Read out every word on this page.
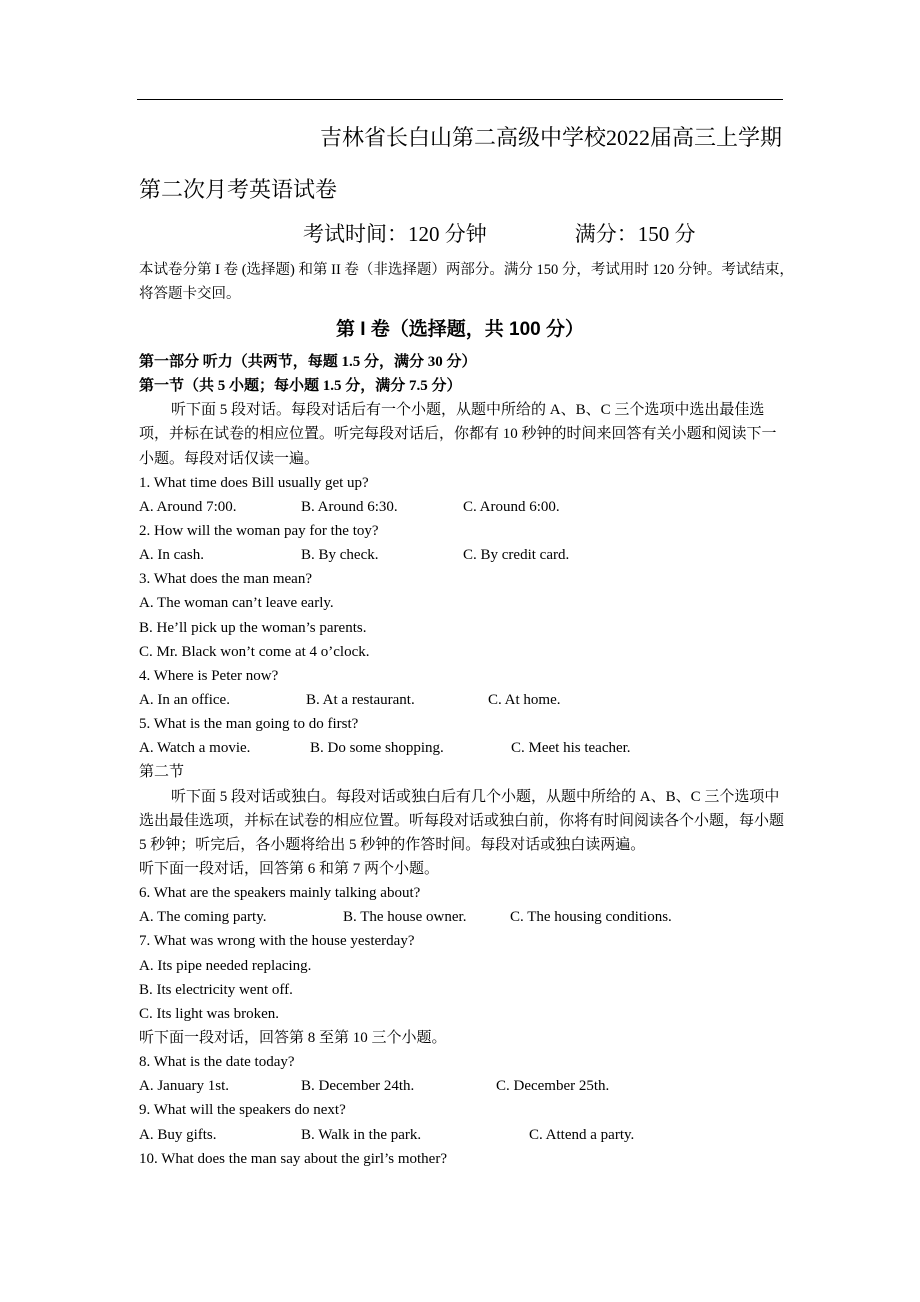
吉林省长白山第二高级中学校2022届高三上学期
第二次月考英语试卷
考试时间：120 分钟	满分：150 分
本试卷分第 I 卷 (选择题) 和第 II 卷（非选择题）两部分。满分 150 分，考试用时 120 分钟。考试结束，将答题卡交回。
第 I 卷（选择题，共 100 分）
第一部分 听力（共两节，每题 1.5 分，满分 30 分）
第一节（共 5 小题；每小题 1.5 分，满分 7.5 分）
听下面 5 段对话。每段对话后有一个小题，从题中所给的 A、B、C 三个选项中选出最佳选项，并标在试卷的相应位置。听完每段对话后，你都有 10 秒钟的时间来回答有关小题和阅读下一小题。每段对话仅读一遍。
1. What time does Bill usually get up?
A. Around 7:00.	B. Around 6:30.	C. Around 6:00.
2. How will the woman pay for the toy?
A. In cash.	B. By check.	C. By credit card.
3. What does the man mean?
A. The woman can’t leave early.
B. He’ll pick up the woman’s parents.
C. Mr. Black won’t come at 4 o’clock.
4. Where is Peter now?
A. In an office.	B. At a restaurant.	C. At home.
5. What is the man going to do first?
A. Watch a movie.	B. Do some shopping.	C. Meet his teacher.
第二节
听下面 5 段对话或独白。每段对话或独白后有几个小题，从题中所给的 A、B、C 三个选项中选出最佳选项，并标在试卷的相应位置。听每段对话或独白前，你将有时间阅读各个小题，每小题 5 秒钟；听完后，各小题将给出 5 秒钟的作答时间。每段对话或独白读两遍。
听下面一段对话，回答第 6 和第 7 两个小题。
6. What are the speakers mainly talking about?
A. The coming party.	B. The house owner.	C. The housing conditions.
7. What was wrong with the house yesterday?
A. Its pipe needed replacing.
B. Its electricity went off.
C. Its light was broken.
听下面一段对话，回答第 8 至第 10 三个小题。
8. What is the date today?
A. January 1st.	B. December 24th.	C. December 25th.
9. What will the speakers do next?
A. Buy gifts.	B. Walk in the park.	C. Attend a party.
10. What does the man say about the girl’s mother?
